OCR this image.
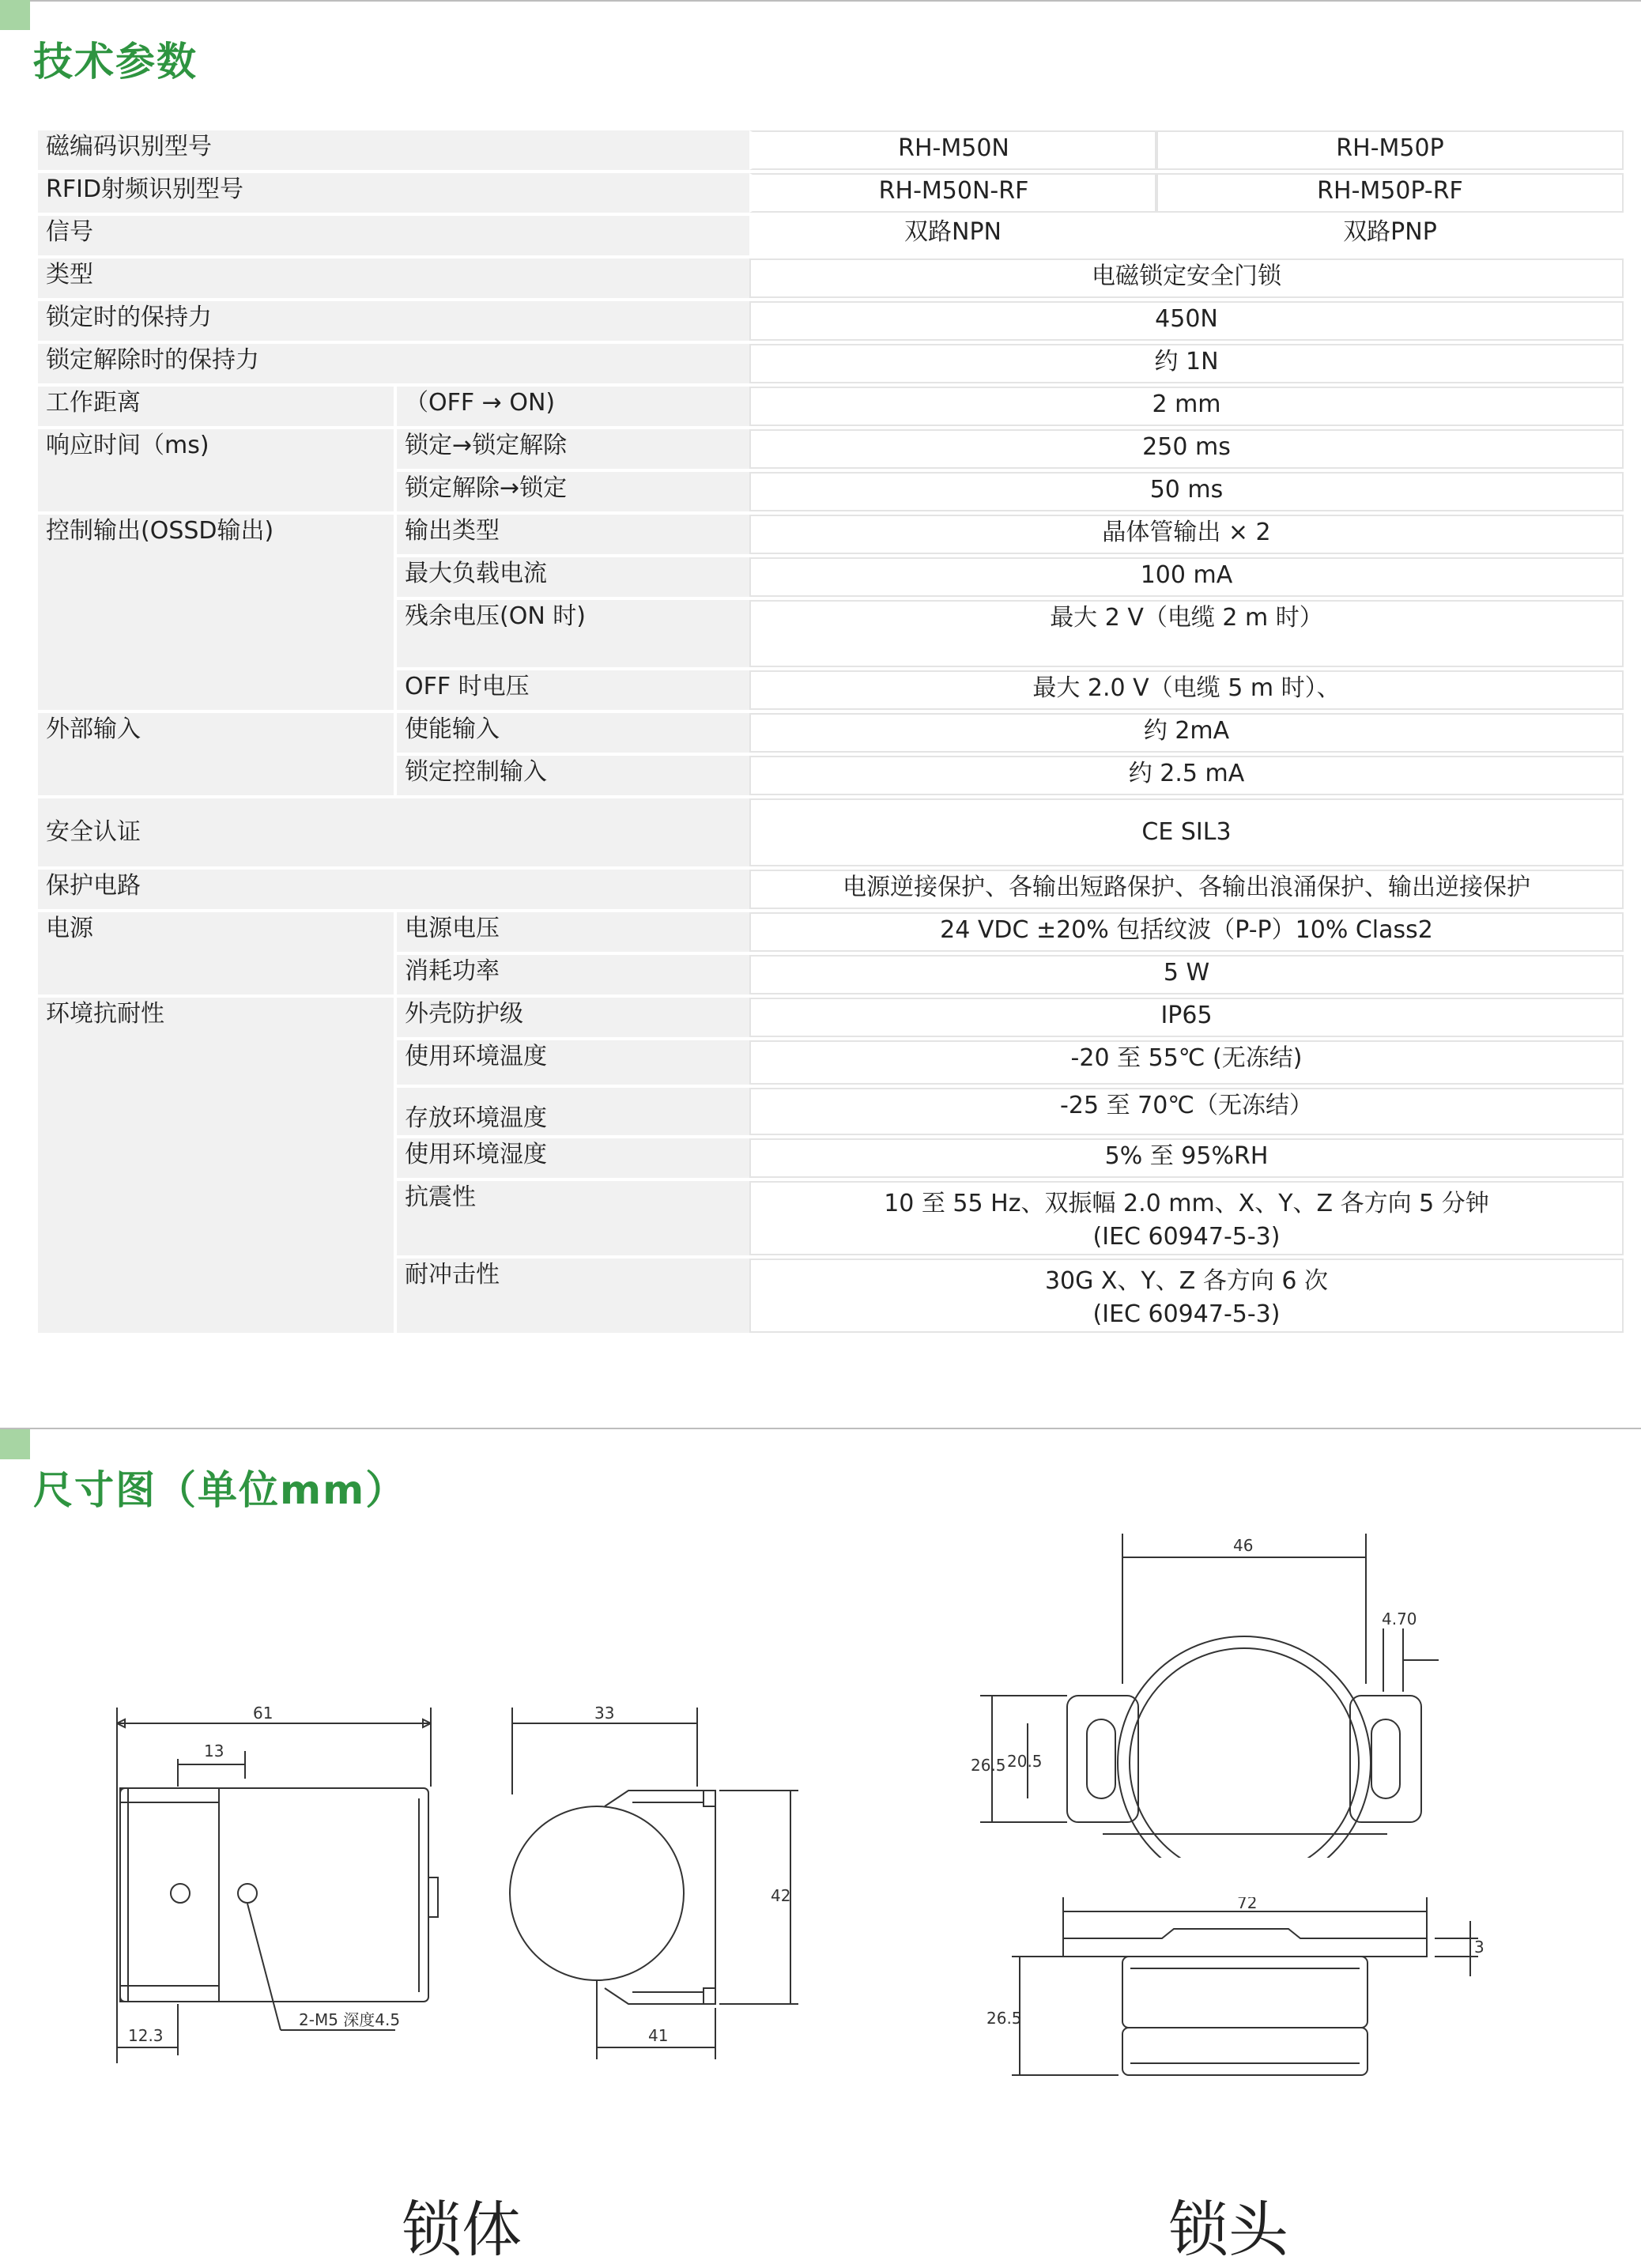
技术参数
磁编码识别型号		RH-M50N	RH-M50P
RFID射频识别型号		RH-M50N-RF	RH-M50P-RF
信号		双路NPN	双路PNP
类型		电磁锁定安全门锁	
锁定时的保持力		450N	
锁定解除时的保持力		约 1N	
工作距离	（OFF → ON)	2 mm	
响应时间（ms)	锁定→锁定解除	250 ms	
	锁定解除→锁定	50 ms	
控制输出(OSSD输出)	输出类型	晶体管输出 × 2	
	最大负载电流	100 mA	
	残余电压(ON 时)	最大 2 V（电缆 2 m 时）	
	OFF 时电压	最大 2.0 V（电缆 5 m 时）、	
外部输入	使能输入	约 2mA	
	锁定控制输入	约 2.5 mA	
安全认证		CE SIL3	
保护电路		电源逆接保护、各输出短路保护、各输出浪涌保护、输出逆接保护	
电源	电源电压	24 VDC ±20% 包括纹波（P-P）10% Class2	
	消耗功率	5 W	
环境抗耐性	外壳防护级	IP65	
	使用环境温度	-20 至 55℃ (无冻结)	
	存放环境温度	-25 至 70℃（无冻结）	
	使用环境湿度	5% 至 95%RH	
	抗震性	10 至 55 Hz、双振幅 2.0 mm、X、Y、Z 各方向 5 分钟
(IEC 60947-5-3)	

	耐冲击性	30G X、Y、Z 各方向 6 次
(IEC 60947-5-3)	
尺寸图（单位mm）
61
13
12.3
2-M5 深度4.5
33
42
41
46
4.70
26.5 20.5
72
3
26.5
锁体	锁头
